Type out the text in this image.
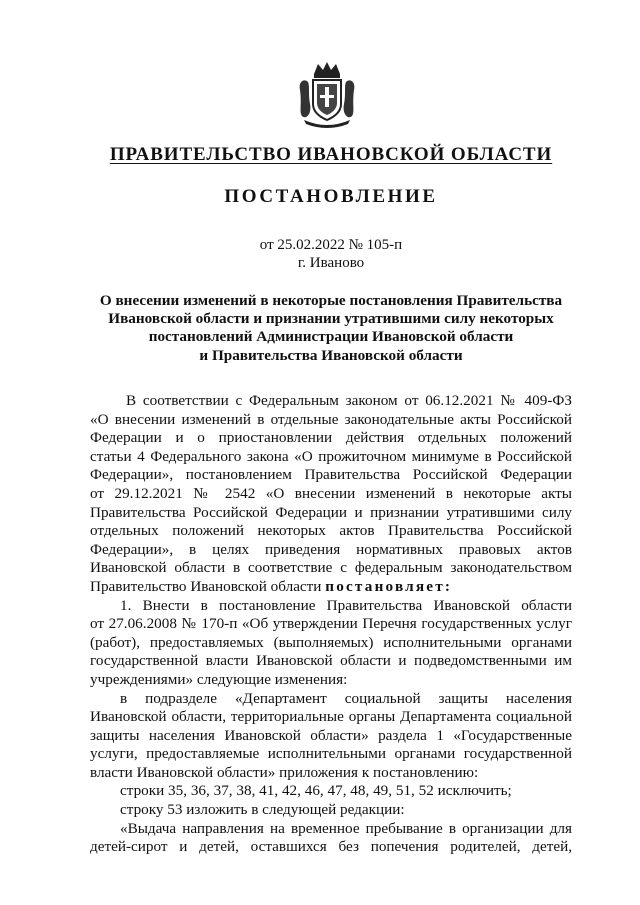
ПРАВИТЕЛЬСТВО ИВАНОВСКОЙ ОБЛАСТИ
ПОСТАНОВЛЕНИЕ
от 25.02.2022 № 105-п
г. Иваново
О внесении изменений в некоторые постановления Правительства
Ивановской области и признании утратившими силу некоторых
постановлений Администрации Ивановской области
и Правительства Ивановской области
В соответствии с Федеральным законом от 06.12.2021 № 409-ФЗ
«О внесении изменений в отдельные законодательные акты Российской
Федерации и о приостановлении действия отдельных положений
статьи 4 Федерального закона «О прожиточном минимуме в Российской
Федерации», постановлением Правительства Российской Федерации
от 29.12.2021 № 2542 «О внесении изменений в некоторые акты
Правительства Российской Федерации и признании утратившими силу
отдельных положений некоторых актов Правительства Российской
Федерации», в целях приведения нормативных правовых актов
Ивановской области в соответствие с федеральным законодательством
Правительство Ивановской области постановляет:
1. Внести в постановление Правительства Ивановской области
от 27.06.2008 № 170-п «Об утверждении Перечня государственных услуг
(работ), предоставляемых (выполняемых) исполнительными органами
государственной власти Ивановской области и подведомственными им
учреждениями» следующие изменения:
в подразделе «Департамент социальной защиты населения
Ивановской области, территориальные органы Департамента социальной
защиты населения Ивановской области» раздела 1 «Государственные
услуги, предоставляемые исполнительными органами государственной
власти Ивановской области» приложения к постановлению:
строки 35, 36, 37, 38, 41, 42, 46, 47, 48, 49, 51, 52 исключить;
строку 53 изложить в следующей редакции:
«Выдача направления на временное пребывание в организации для
детей-сирот и детей, оставшихся без попечения родителей, детей,
